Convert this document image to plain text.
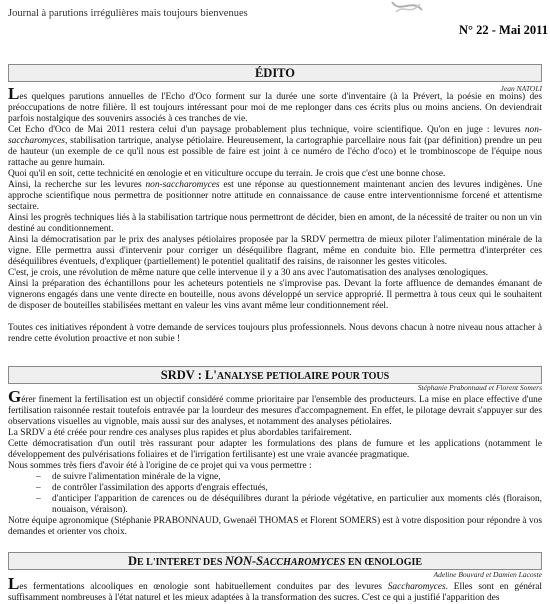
Journal à parutions irrégulières mais toujours bienvenues
N° 22 - Mai 2011
ÉDITO
Jean NATOLI

Les quelques parutions annuelles de l'Echo d'Oco forment sur la durée une sorte d'inventaire (à la Prévert, la poésie en moins) des préoccupations de notre filière. Il est toujours intéressant pour moi de me replonger dans ces écrits plus ou moins anciens. On deviendrait parfois nostalgique des souvenirs associés à ces tranches de vie.

Cet Echo d'Oco de Mai 2011 restera celui d'un paysage probablement plus technique, voire scientifique. Qu'on en juge : levures non-saccharomyces, stabilisation tartrique, analyse pétiolaire. Heureusement, la cartographie parcellaire nous fait (par définition) prendre un peu de hauteur (un exemple de ce qu'il nous est possible de faire est joint à ce numéro de l'écho d'oco) et le trombinoscope de l'équipe nous rattache au genre humain.

Quoi qu'il en soit, cette technicité en œnologie et en viticulture occupe du terrain. Je crois que c'est une bonne chose.

Ainsi, la recherche sur les levures non-saccharomyces est une réponse au questionnement maintenant ancien des levures indigènes. Une approche scientifique nous permettra de positionner notre attitude en connaissance de cause entre interventionnisme forcené et attentisme sectaire.

Ainsi les progrès techniques liés à la stabilisation tartrique nous permettront de décider, bien en amont, de la nécessité de traiter ou non un vin destiné au conditionnement.

Ainsi la démocratisation par le prix des analyses pétiolaires proposée par la SRDV permettra de mieux piloter l'alimentation minérale de la vigne. Elle permettra aussi d'intervenir pour corriger un déséquilibre flagrant, même en conduite bio. Elle permettra d'interpréter ces déséquilibres éventuels, d'expliquer (partiellement) le potentiel qualitatif des raisins, de raisonner les gestes viticoles.

C'est, je crois, une révolution de même nature que celle intervenue il y a 30 ans avec l'automatisation des analyses œnologiques.

Ainsi la préparation des échantillons pour les acheteurs potentiels ne s'improvise pas. Devant la forte affluence de demandes émanant de vignerons engagés dans une vente directe en bouteille, nous avons développé un service approprié. Il permettra à tous ceux qui le souhaitent de disposer de bouteilles stabilisées mettant en valeur les vins avant même leur conditionnement réel.

Toutes ces initiatives répondent à votre demande de services toujours plus professionnels. Nous devons chacun à notre niveau nous attacher à rendre cette évolution proactive et non subie !

SRDV : L'ANALYSE PETIOLAIRE POUR TOUS
Stéphanie Prabonnaud et Florent Somers

Gérer finement la fertilisation est un objectif considéré comme prioritaire par l'ensemble des producteurs. La mise en place effective d'une fertilisation raisonnée restait toutefois entravée par la lourdeur des mesures d'accompagnement. En effet, le pilotage devrait s'appuyer sur des observations visuelles au vignoble, mais aussi sur des analyses, et notamment des analyses pétiolaires.

La SRDV a été créée pour rendre ces analyses plus rapides et plus abordables tarifairement.

Cette démocratisation d'un outil très rassurant pour adapter les formulations des plans de fumure et les applications (notamment le développement des pulvérisations foliaires et de l'irrigation fertilisante) est une vraie avancée pragmatique.

Nous sommes très fiers d'avoir été à l'origine de ce projet qui va vous permettre :

– de suivre l'alimentation minérale de la vigne,
– de contrôler l'assimilation des apports d'engrais effectués,
– d'anticiper l'apparition de carences ou de déséquilibres durant la période végétative, en particulier aux moments clés (floraison, nouaison, véraison).

Notre équipe agronomique (Stéphanie PRABONNAUD, Gwenaël THOMAS et Florent SOMERS) est à votre disposition pour répondre à vos demandes et orienter vos choix.

DE L'INTERET DES NON-SACCHAROMYCES EN ŒNOLOGIE
Adeline Bouvard et Damien Lacoste

Les fermentations alcooliques en œnologie sont habituellement conduites par des levures Saccharomyces. Elles sont en général suffisamment nombreuses à l'état naturel et les mieux adaptées à la transformation des sucres. C'est ce qui a justifié l'apparition des
